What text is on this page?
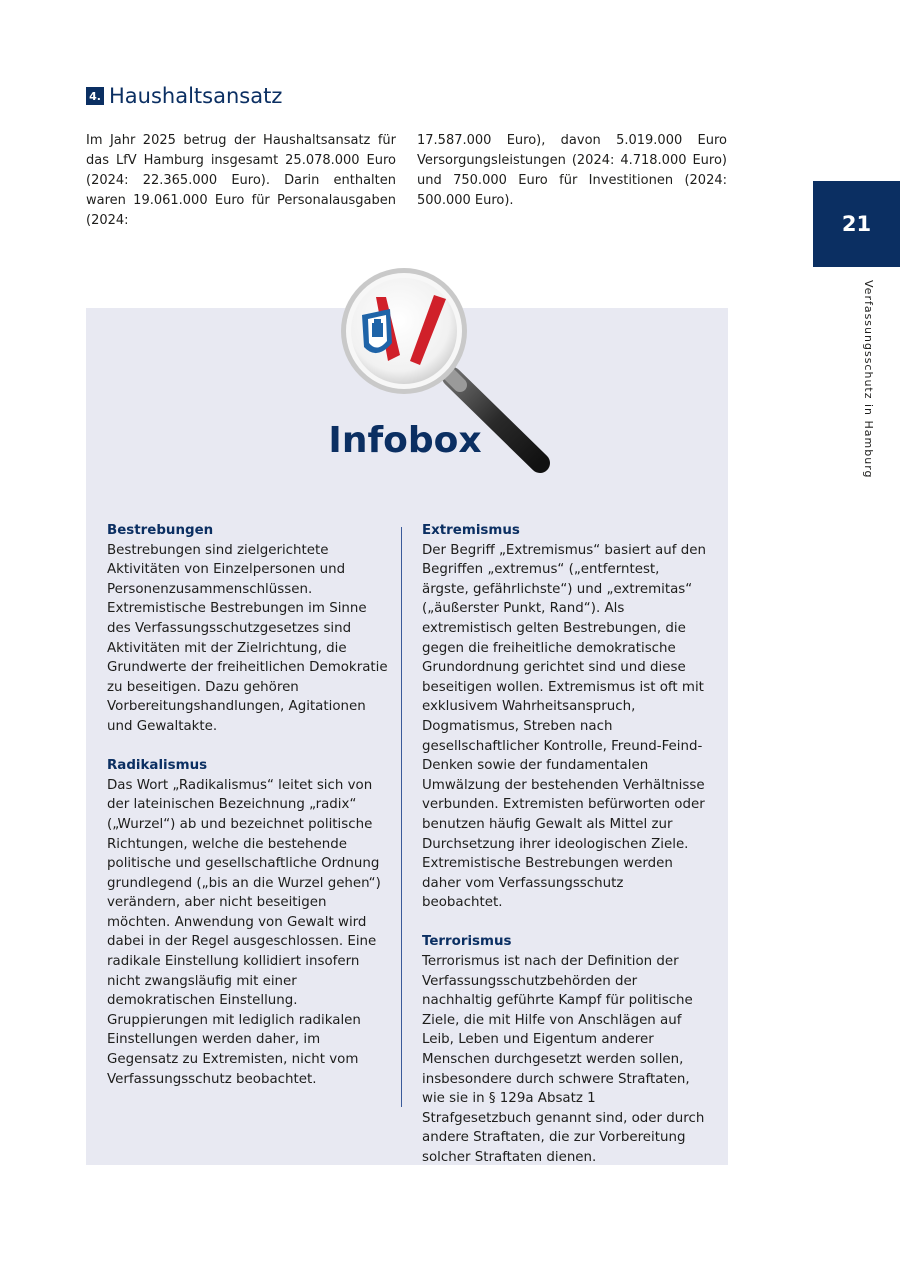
4. Haushaltsansatz
Im Jahr 2025 betrug der Haushaltsansatz für das LfV Hamburg insgesamt 25.078.000 Euro (2024: 22.365.000 Euro). Darin enthalten waren 19.061.000 Euro für Personalausgaben (2024:
17.587.000 Euro), davon 5.019.000 Euro Versorgungsleistungen (2024: 4.718.000 Euro) und 750.000 Euro für Investitionen (2024: 500.000 Euro).
21
Verfassungsschutz in Hamburg
Infobox
Bestrebungen
Bestrebungen sind zielgerichtete Aktivitäten von Einzelpersonen und Personenzusammenschlüssen. Extremistische Bestrebungen im Sinne des Verfassungsschutzgesetzes sind Aktivitäten mit der Zielrichtung, die Grundwerte der freiheitlichen Demokratie zu beseitigen. Dazu gehören Vorbereitungshandlungen, Agitationen und Gewaltakte.
Radikalismus
Das Wort „Radikalismus“ leitet sich von der lateinischen Bezeichnung „radix“ („Wurzel“) ab und bezeichnet politische Richtungen, welche die bestehende politische und gesellschaftliche Ordnung grundlegend („bis an die Wurzel gehen“) verändern, aber nicht beseitigen möchten. Anwendung von Gewalt wird dabei in der Regel ausgeschlossen. Eine radikale Einstellung kollidiert insofern nicht zwangsläufig mit einer demokratischen Einstellung. Gruppierungen mit lediglich radikalen Einstellungen werden daher, im Gegensatz zu Extremisten, nicht vom Verfassungsschutz beobachtet.
Extremismus
Der Begriff „Extremismus“ basiert auf den Begriffen „extremus“ („entferntest, ärgste, gefährlichste“) und „extremitas“ („äußerster Punkt, Rand“). Als extremistisch gelten Bestrebungen, die gegen die freiheitliche demokratische Grundordnung gerichtet sind und diese beseitigen wollen. Extremismus ist oft mit exklusivem Wahrheitsanspruch, Dogmatismus, Streben nach gesellschaftlicher Kontrolle, Freund-Feind-Denken sowie der fundamentalen Umwälzung der bestehenden Verhältnisse verbunden. Extremisten befürworten oder benutzen häufig Gewalt als Mittel zur Durchsetzung ihrer ideologischen Ziele. Extremistische Bestrebungen werden daher vom Verfassungsschutz beobachtet.
Terrorismus
Terrorismus ist nach der Definition der Verfassungsschutzbehörden der nachhaltig geführte Kampf für politische Ziele, die mit Hilfe von Anschlägen auf Leib, Leben und Eigentum anderer Menschen durchgesetzt werden sollen, insbesondere durch schwere Straftaten, wie sie in § 129a Absatz 1 Strafgesetzbuch genannt sind, oder durch andere Straftaten, die zur Vorbereitung solcher Straftaten dienen.
